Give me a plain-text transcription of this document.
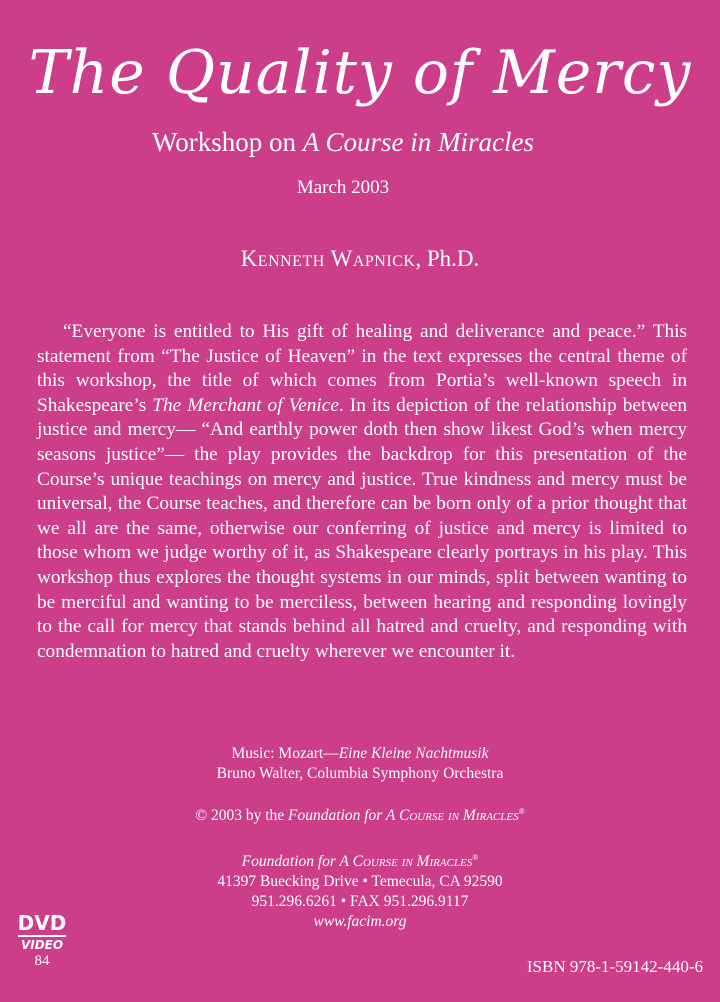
The Quality of Mercy
Workshop on A Course in Miracles
March 2003
Kenneth Wapnick, Ph.D.

“Everyone is entitled to His gift of healing and deliverance and peace.” This statement from “The Justice of Heaven” in the text expresses the central theme of this workshop, the title of which comes from Portia’s well-known speech in Shakespeare’s The Merchant of Venice. In its depiction of the relationship between justice and mercy— “And earthly power doth then show likest God’s when mercy seasons justice”— the play provides the backdrop for this presentation of the Course’s unique teachings on mercy and justice. True kindness and mercy must be universal, the Course teaches, and therefore can be born only of a prior thought that we all are the same, otherwise our conferring of justice and mercy is limited to those whom we judge worthy of it, as Shakespeare clearly portrays in his play. This workshop thus explores the thought systems in our minds, split between wanting to be merciful and wanting to be merciless, between hearing and responding lovingly to the call for mercy that stands behind all hatred and cruelty, and responding with condemnation to hatred and cruelty wherever we encounter it.

Music: Mozart—Eine Kleine Nachtmusik

Bruno Walter, Columbia Symphony Orchestra

© 2003 by the Foundation for A Course in Miracles®

Foundation for A Course in Miracles®

41397 Buecking Drive • Temecula, CA 92590

951.296.6261 • FAX 951.296.9117

www.facim.org

DVD
VIDEO
84	ISBN 978-1-59142-440-6
